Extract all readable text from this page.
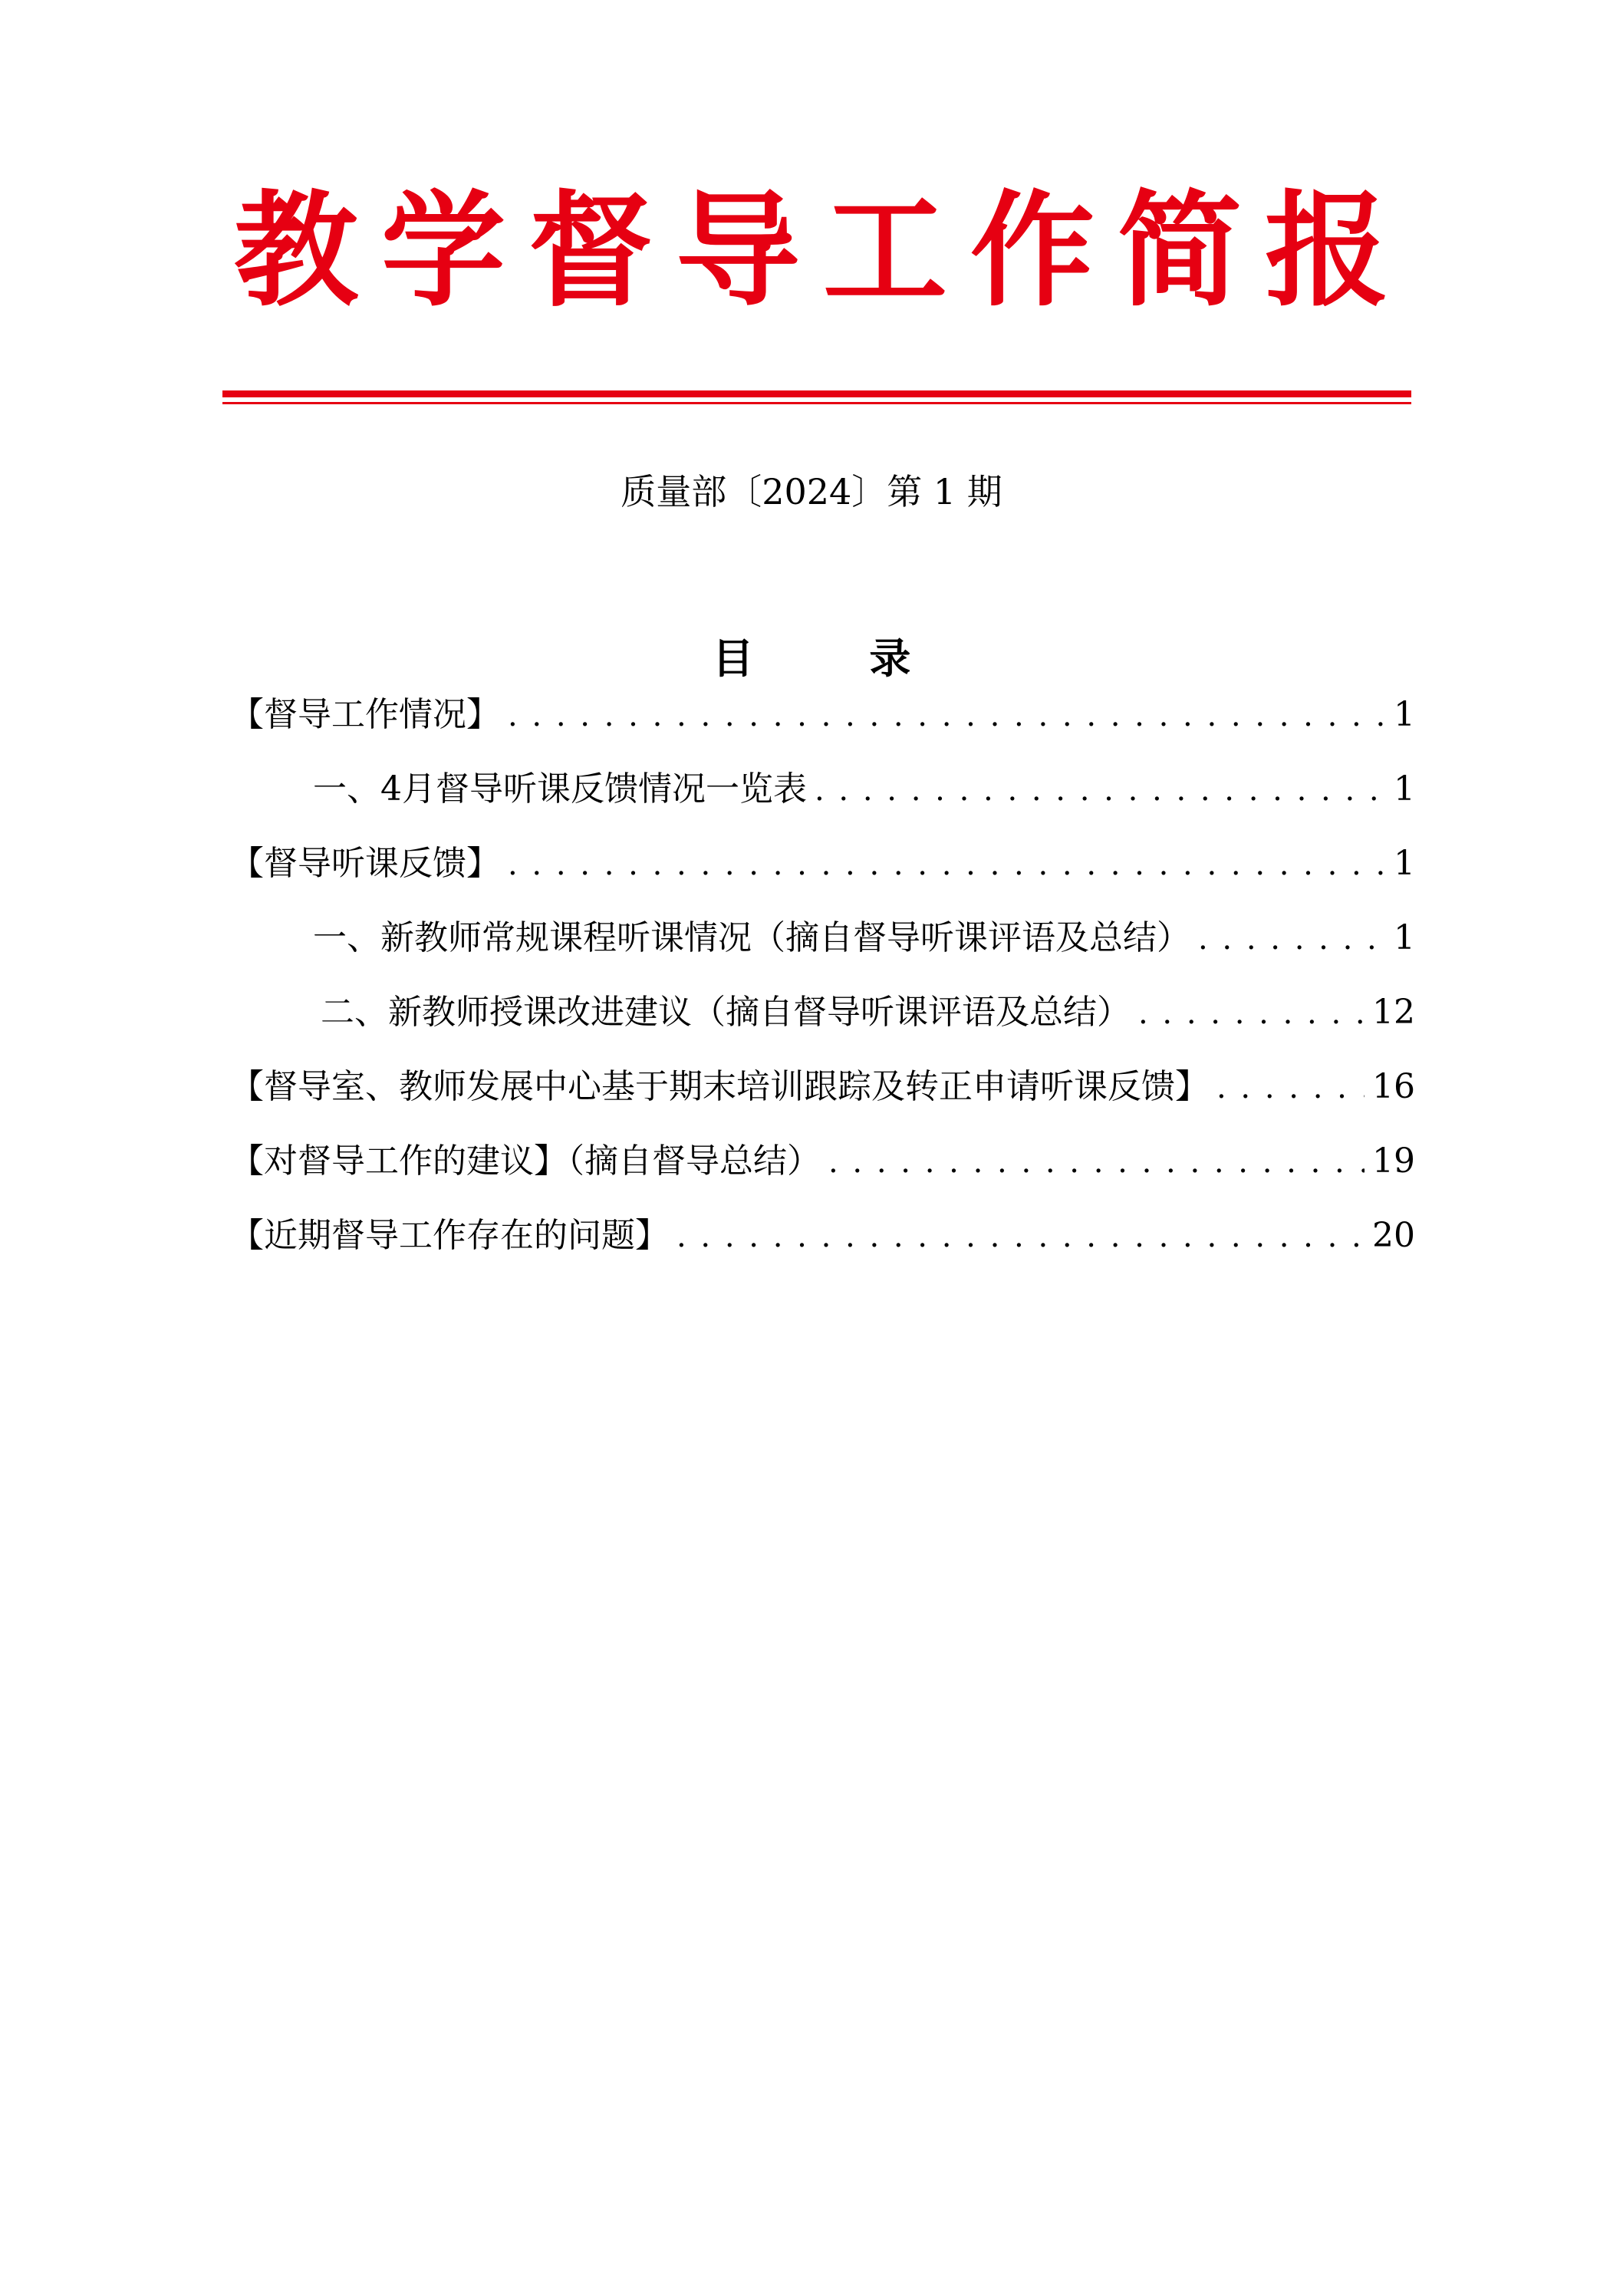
教学督导工作简报
质量部〔2024〕第 1 期
目 录
【督导工作情况】 . . .	1
一、4月督导听课反馈情况一览表 . . .	1
【督导听课反馈】 . . .	1
一、新教师常规课程听课情况（摘自督导听课评语及总结） . . .	1
二、新教师授课改进建议（摘自督导听课评语及总结） . . .	12
【督导室、教师发展中心基于期末培训跟踪及转正申请听课反馈】 . . .	16
【对督导工作的建议】（摘自督导总结） . . .	19
【近期督导工作存在的问题】 . . .	20
